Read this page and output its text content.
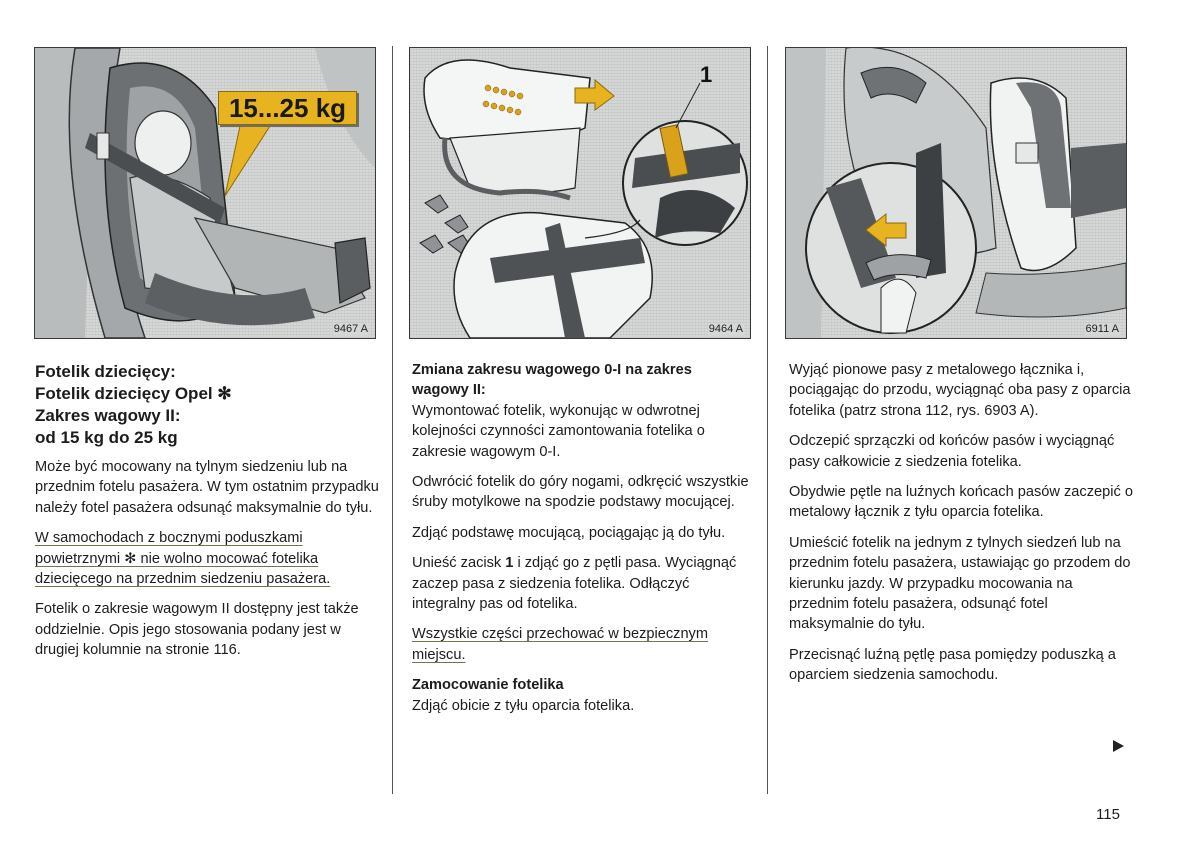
15...25 kg
9467 A
1
9464 A	6911 A
Fotelik dziecięcy:
Fotelik dziecięcy Opel ✻
Zakres wagowy II:
od 15 kg do 25 kg

Może być mocowany na tylnym siedzeniu lub na przednim fotelu pasażera. W tym ostatnim przypadku należy fotel pasażera odsunąć maksymalnie do tyłu.

W samochodach z bocznymi poduszkami powietrznymi ✻ nie wolno mocować fotelika dziecięcego na przednim siedzeniu pasażera.

Fotelik o zakresie wagowym II dostępny jest także oddzielnie. Opis jego stosowania podany jest w drugiej kolumnie na stronie 116.

Zmiana zakresu wagowego 0-I na zakres wagowy II:

Wymontować fotelik, wykonując w odwrotnej kolejności czynności zamontowania fotelika o zakresie wagowym 0-I.

Odwrócić fotelik do góry nogami, odkręcić wszystkie śruby motylkowe na spodzie podstawy mocującej.

Zdjąć podstawę mocującą, pociągając ją do tyłu.

Unieść zacisk 1 i zdjąć go z pętli pasa. Wyciągnąć zaczep pasa z siedzenia fotelika. Odłączyć integralny pas od fotelika.

Wszystkie części przechować w bezpiecznym miejscu.

Zamocowanie fotelika

Zdjąć obicie z tyłu oparcia fotelika.

Wyjąć pionowe pasy z metalowego łącznika i, pociągając do przodu, wyciągnąć oba pasy z oparcia fotelika (patrz strona 112, rys. 6903 A).

Odczepić sprzączki od końców pasów i wyciągnąć pasy całkowicie z siedzenia fotelika.

Obydwie pętle na luźnych końcach pasów zaczepić o metalowy łącznik z tyłu oparcia fotelika.

Umieścić fotelik na jednym z tylnych siedzeń lub na przednim fotelu pasażera, ustawiając go przodem do kierunku jazdy. W przypadku mocowania na przednim fotelu pasażera, odsunąć fotel maksymalnie do tyłu.

Przecisnąć luźną pętlę pasa pomiędzy poduszką a oparciem siedzenia samochodu.

115
